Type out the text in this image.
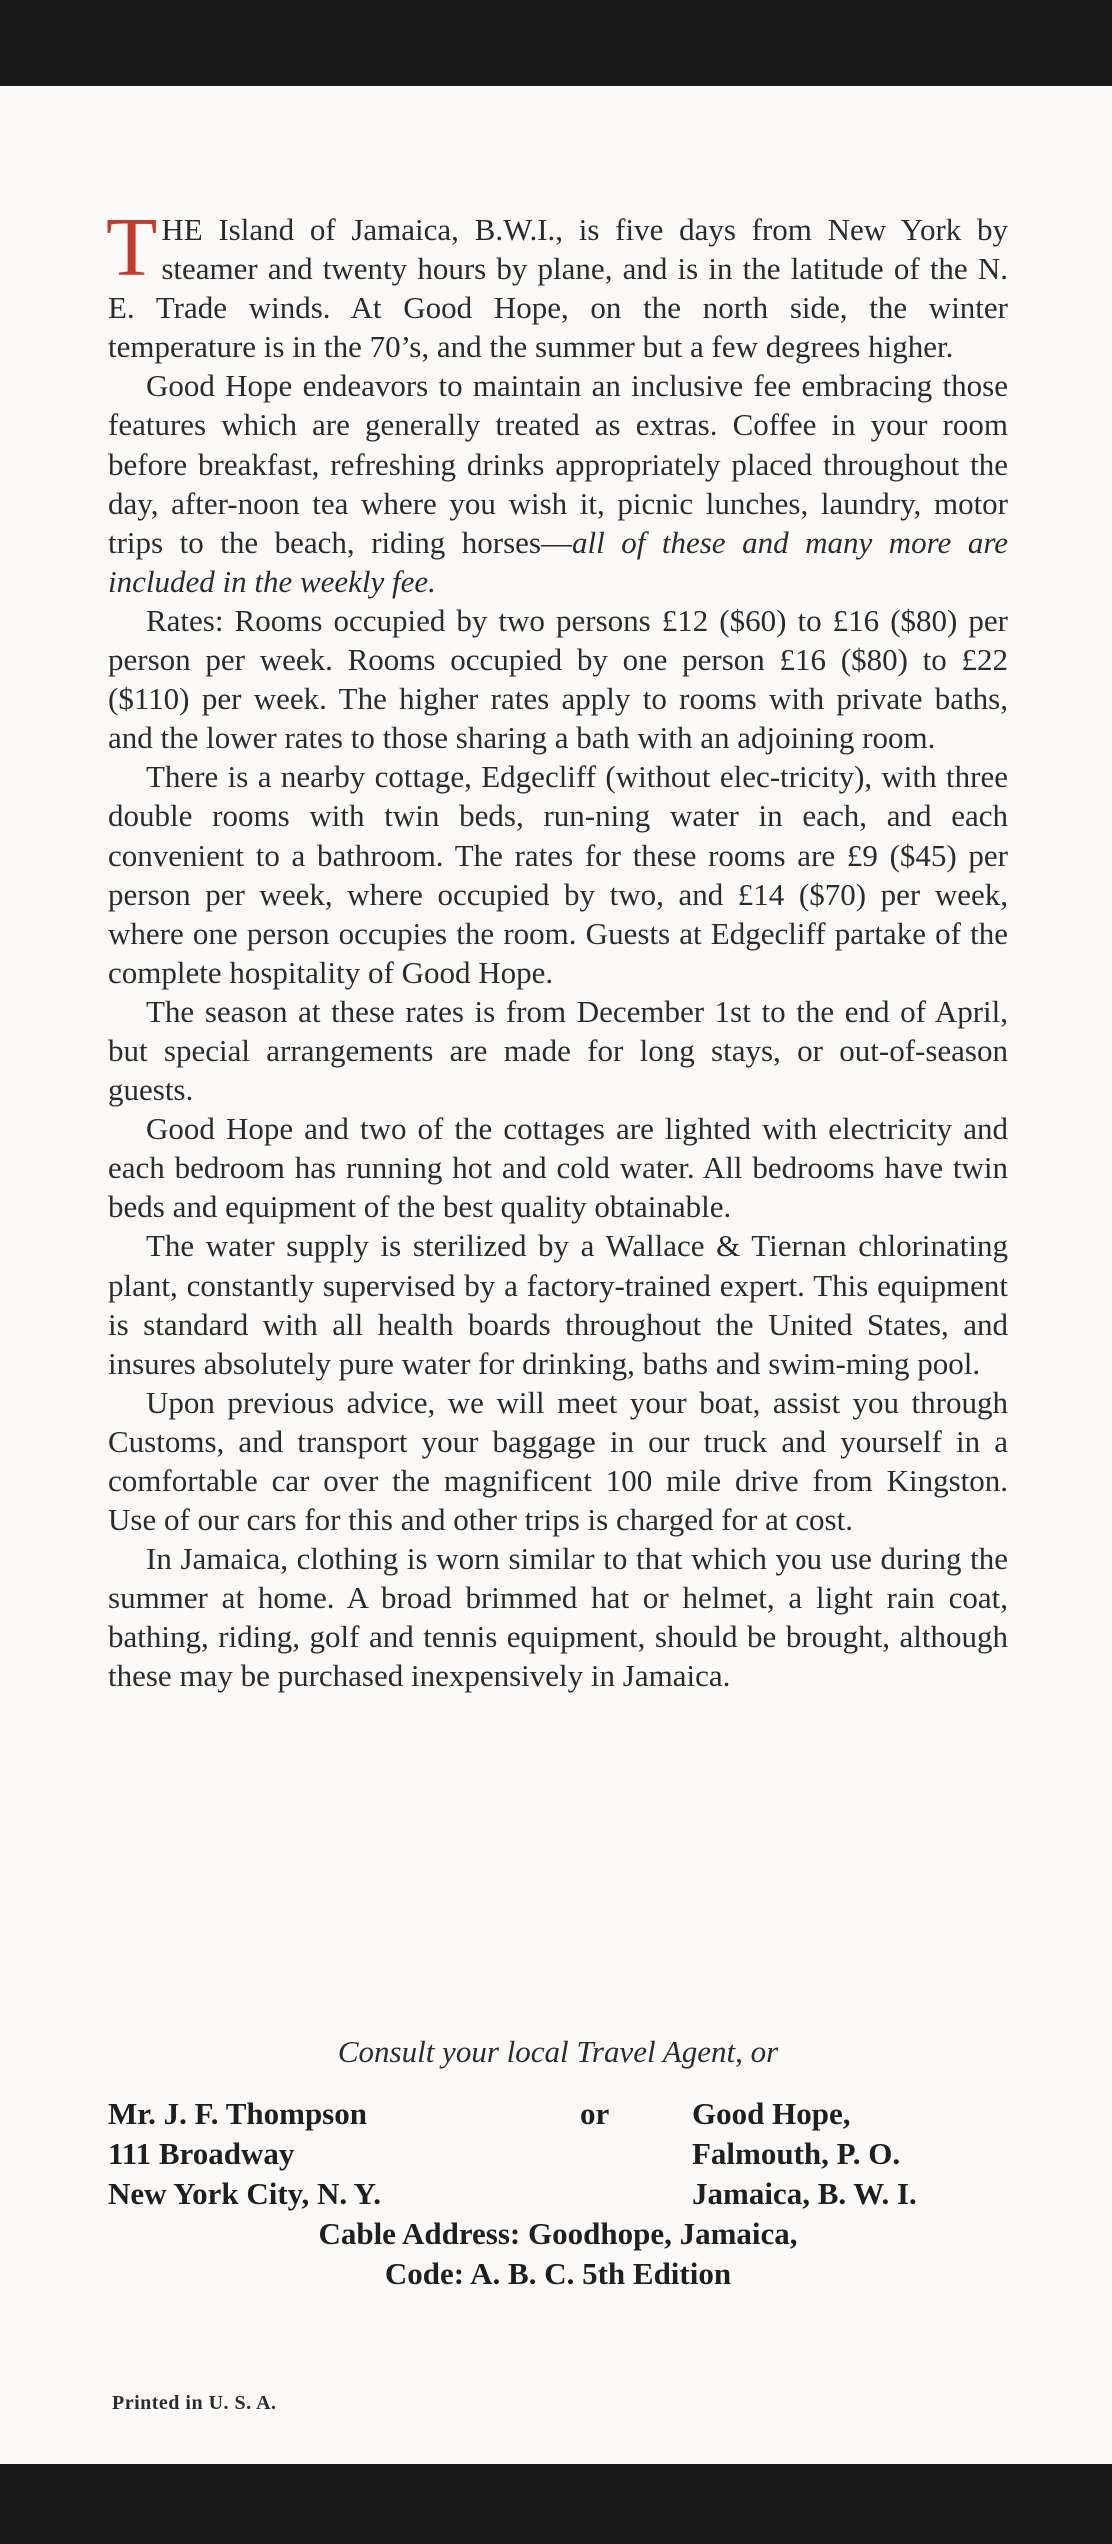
THE Island of Jamaica, B.W.I., is five days from New York by steamer and twenty hours by plane, and is in the latitude of the N. E. Trade winds. At Good Hope, on the north side, the winter temperature is in the 70’s, and the summer but a few degrees higher.

Good Hope endeavors to maintain an inclusive fee embracing those features which are generally treated as extras. Coffee in your room before breakfast, refreshing drinks appropriately placed throughout the day, after-noon tea where you wish it, picnic lunches, laundry, motor trips to the beach, riding horses—all of these and many more are included in the weekly fee.

Rates: Rooms occupied by two persons £12 ($60) to £16 ($80) per person per week. Rooms occupied by one person £16 ($80) to £22 ($110) per week. The higher rates apply to rooms with private baths, and the lower rates to those sharing a bath with an adjoining room.

There is a nearby cottage, Edgecliff (without elec-tricity), with three double rooms with twin beds, run-ning water in each, and each convenient to a bathroom. The rates for these rooms are £9 ($45) per person per week, where occupied by two, and £14 ($70) per week, where one person occupies the room. Guests at Edgecliff partake of the complete hospitality of Good Hope.

The season at these rates is from December 1st to the end of April, but special arrangements are made for long stays, or out-of-season guests.

Good Hope and two of the cottages are lighted with electricity and each bedroom has running hot and cold water. All bedrooms have twin beds and equipment of the best quality obtainable.

The water supply is sterilized by a Wallace & Tiernan chlorinating plant, constantly supervised by a factory-trained expert. This equipment is standard with all health boards throughout the United States, and insures absolutely pure water for drinking, baths and swim-ming pool.

Upon previous advice, we will meet your boat, assist you through Customs, and transport your baggage in our truck and yourself in a comfortable car over the magnificent 100 mile drive from Kingston. Use of our cars for this and other trips is charged for at cost.

In Jamaica, clothing is worn similar to that which you use during the summer at home. A broad brimmed hat or helmet, a light rain coat, bathing, riding, golf and tennis equipment, should be brought, although these may be purchased inexpensively in Jamaica.

Consult your local Travel Agent, or
Mr. J. F. Thompson
111 Broadway
New York City, N. Y.
or	Good Hope,
Falmouth, P. O.
Jamaica, B. W. I.
Cable Address: Goodhope, Jamaica,
Code: A. B. C. 5th Edition
Printed in U. S. A.
